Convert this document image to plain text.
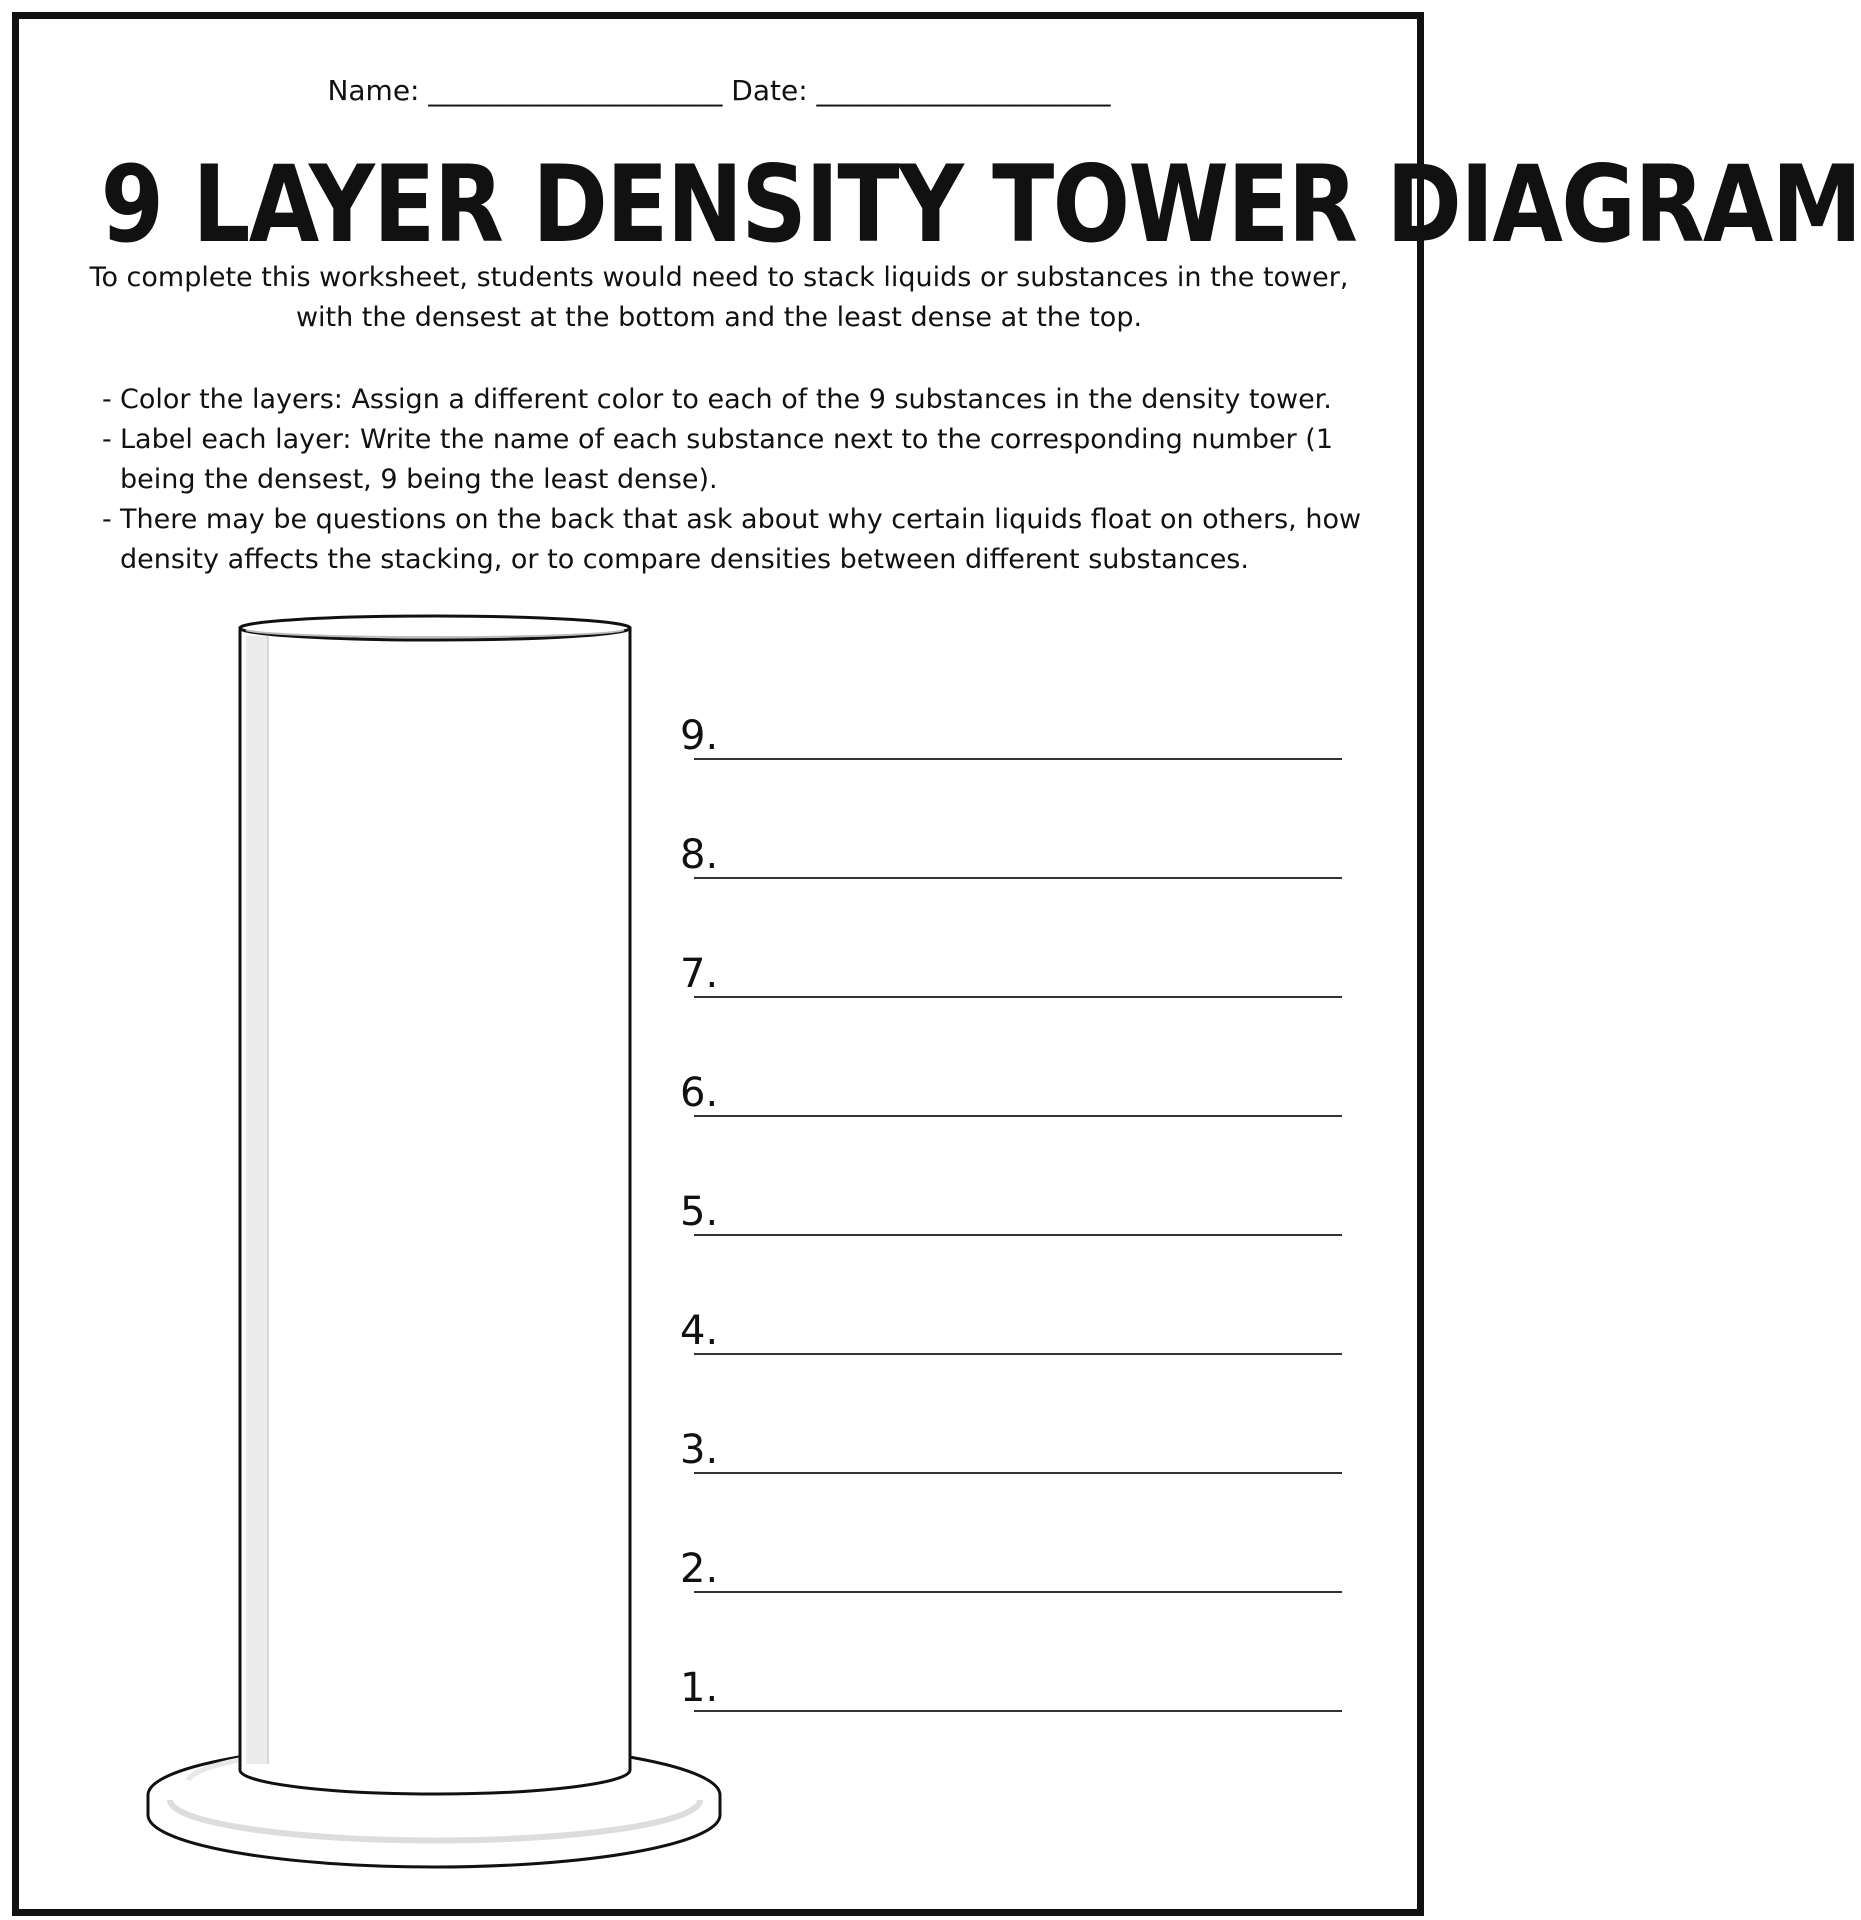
Name: _____________________ Date: _____________________
9 LAYER DENSITY TOWER DIAGRAM
To complete this worksheet, students would need to stack liquids or substances in the tower, with the densest at the bottom and the least dense at the top.
- Color the layers: Assign a different color to each of the 9 substances in the density tower.
- Label each layer: Write the name of each substance next to the corresponding number (1 being the densest, 9 being the least dense).
- There may be questions on the back that ask about why certain liquids float on others, how density affects the stacking, or to compare densities between different substances.
9.
8.
7.
6.
5.
4.
3.
2.
1.
